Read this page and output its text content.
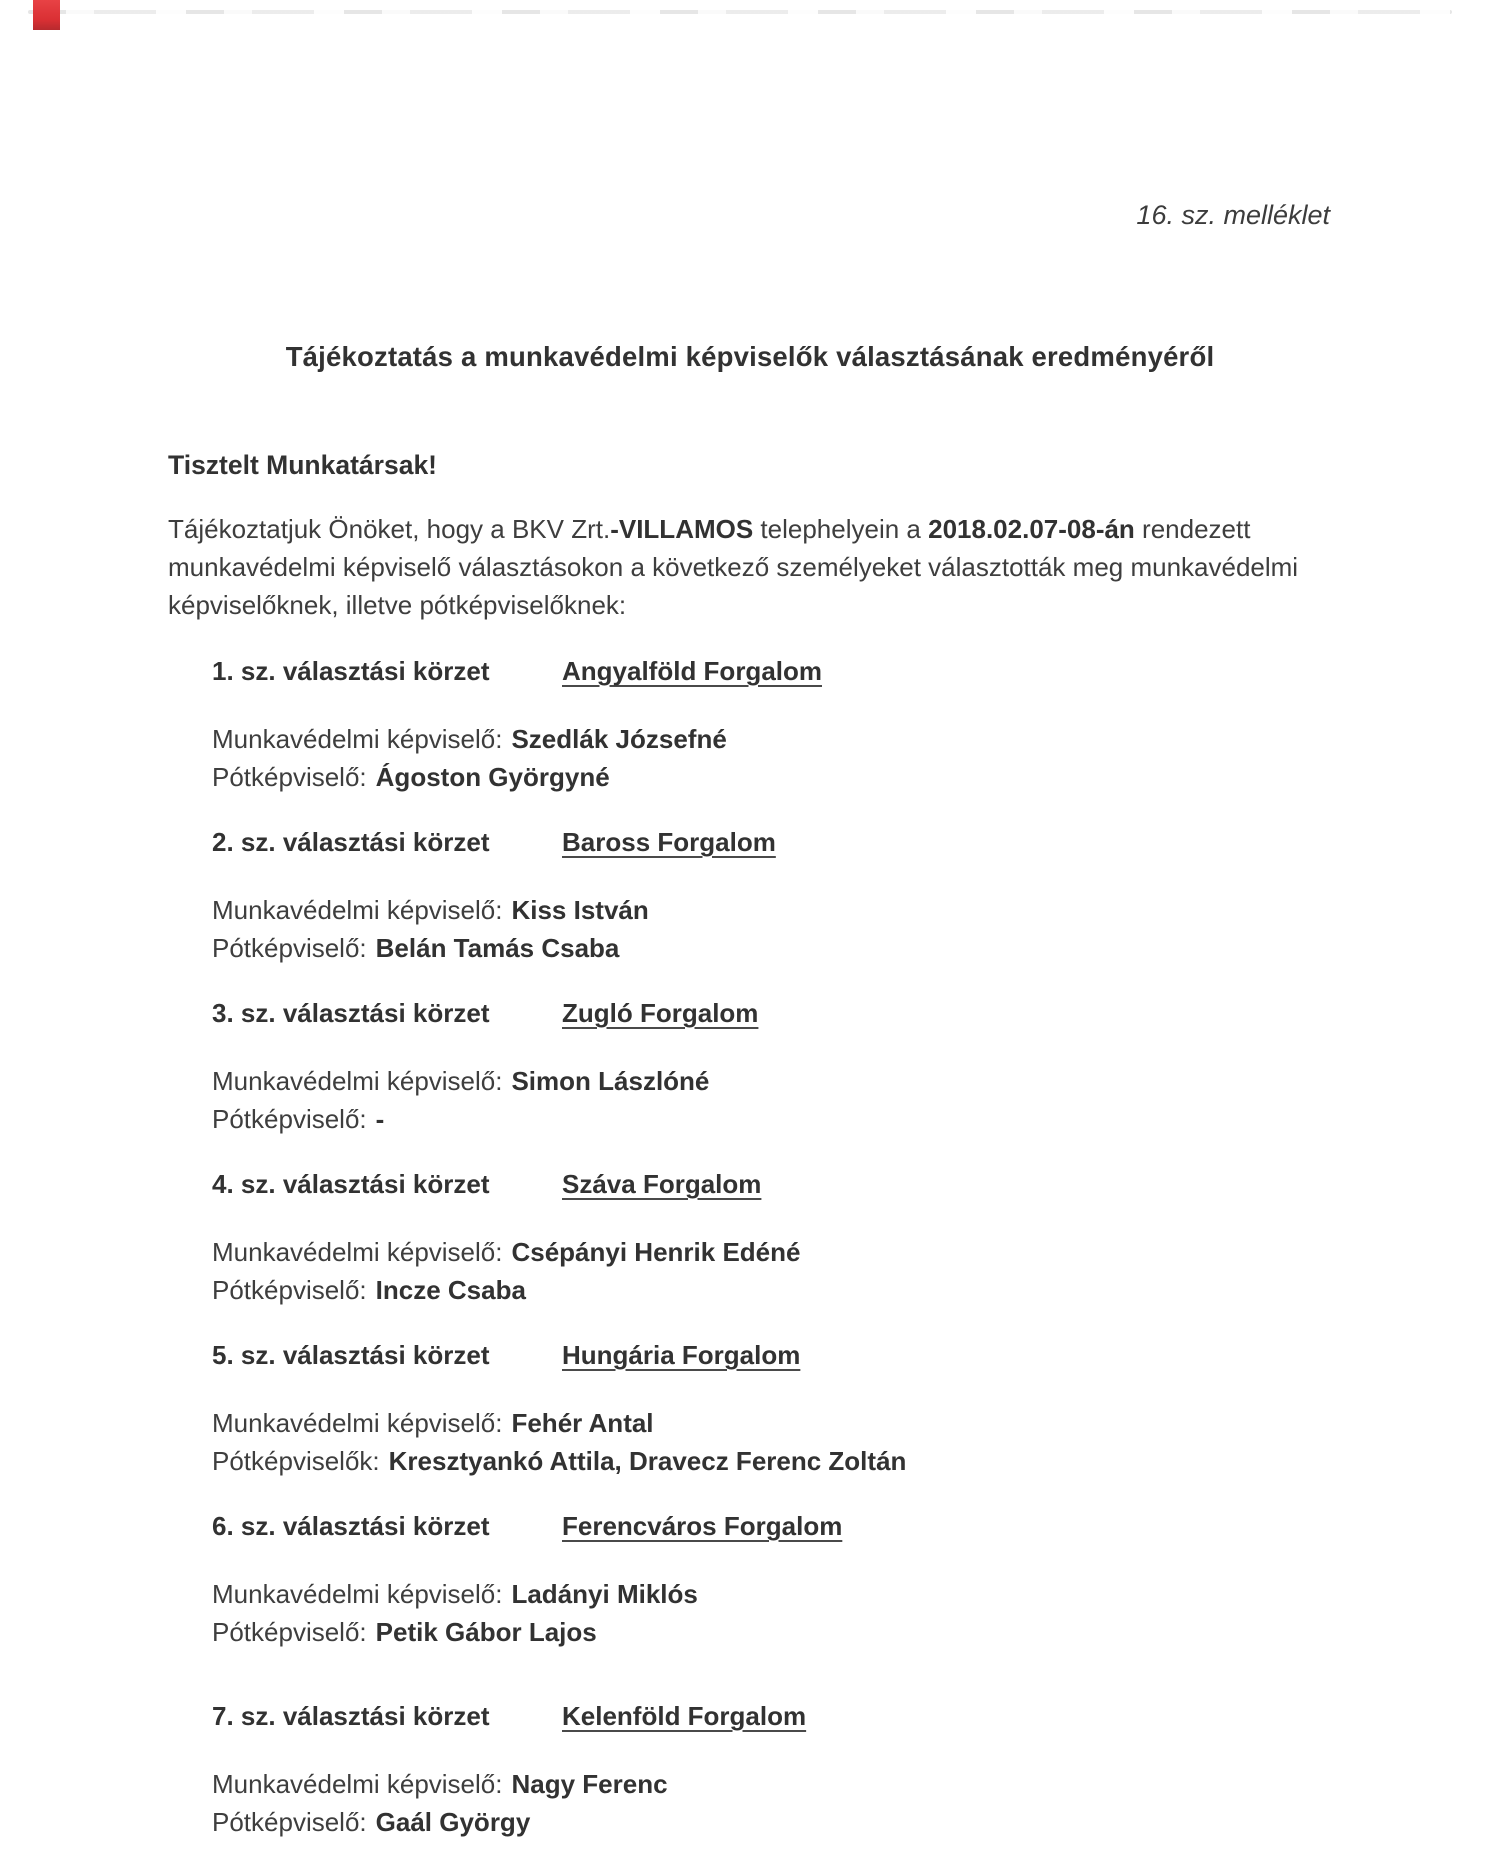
16. sz. melléklet
Tájékoztatás a munkavédelmi képviselők választásának eredményéről
Tisztelt Munkatársak!
Tájékoztatjuk Önöket, hogy a BKV Zrt.-VILLAMOS telephelyein a 2018.02.07-08-án rendezett munkavédelmi képviselő választásokon a következő személyeket választották meg munkavédelmi képviselőknek, illetve pótképviselőknek:
1. sz. választási körzet	Angyalföld Forgalom
Munkavédelmi képviselő: Szedlák Józsefné
Pótképviselő: Ágoston Györgyné
2. sz. választási körzet	Baross Forgalom
Munkavédelmi képviselő: Kiss István
Pótképviselő: Belán Tamás Csaba
3. sz. választási körzet	Zugló Forgalom
Munkavédelmi képviselő: Simon Lászlóné
Pótképviselő: -
4. sz. választási körzet	Száva Forgalom
Munkavédelmi képviselő: Csépányi Henrik Edéné
Pótképviselő: Incze Csaba
5. sz. választási körzet	Hungária Forgalom
Munkavédelmi képviselő: Fehér Antal
Pótképviselők: Kresztyankó Attila, Dravecz Ferenc Zoltán
6. sz. választási körzet	Ferencváros Forgalom
Munkavédelmi képviselő: Ladányi Miklós
Pótképviselő: Petik Gábor Lajos
7. sz. választási körzet	Kelenföld Forgalom
Munkavédelmi képviselő: Nagy Ferenc
Pótképviselő: Gaál György
